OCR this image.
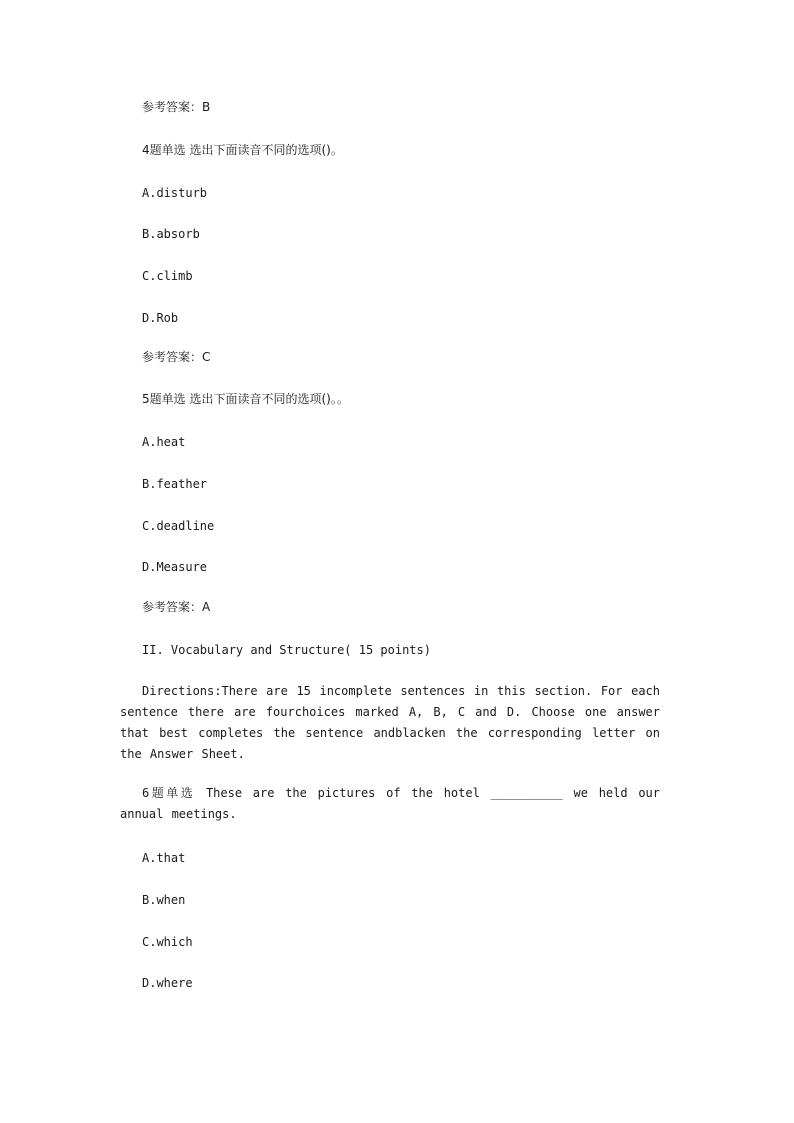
参考答案：B

4题单选 选出下面读音不同的选项()。

A.disturb

B.absorb

C.climb

D.Rob

参考答案：C

5题单选 选出下面读音不同的选项()。。

A.heat

B.feather

C.deadline

D.Measure

参考答案：A

II. Vocabulary and Structure( 15 points)

Directions:There are 15 incomplete sentences in this section. For each sentence there are fourchoices marked A, B, C and D. Choose one answer that best completes the sentence andblacken the corresponding letter on the Answer Sheet.

6题单选 These are the pictures of the hotel __________ we held our annual meetings.

A.that

B.when

C.which

D.where
